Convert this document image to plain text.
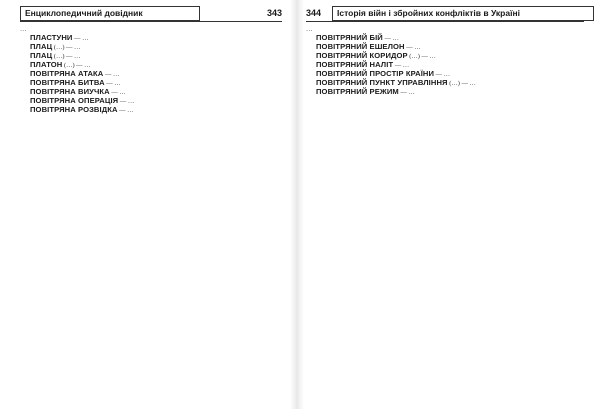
Енциклопедичний довідник	343

…

ПЛАСТУНИ — …

ПЛАЦ (…) — …

ПЛАЦ (…) — …

ПЛАТОН (…) — …

ПОВІТРЯНА АТАКА — …

ПОВІТРЯНА БИТВА — …

ПОВІТРЯНА ВИУЧКА — …

ПОВІТРЯНА ОПЕРАЦІЯ — …

ПОВІТРЯНА РОЗВІДКА — …

344	Історія війн і збройних конфліктів в Україні

…

ПОВІТРЯНИЙ БІЙ — …

ПОВІТРЯНИЙ ЕШЕЛОН — …

ПОВІТРЯНИЙ КОРИДОР (…) — …

ПОВІТРЯНИЙ НАЛІТ — …

ПОВІТРЯНИЙ ПРОСТІР КРАЇНИ — …

ПОВІТРЯНИЙ ПУНКТ УПРАВЛІННЯ (…) — …

ПОВІТРЯНИЙ РЕЖИМ — …
